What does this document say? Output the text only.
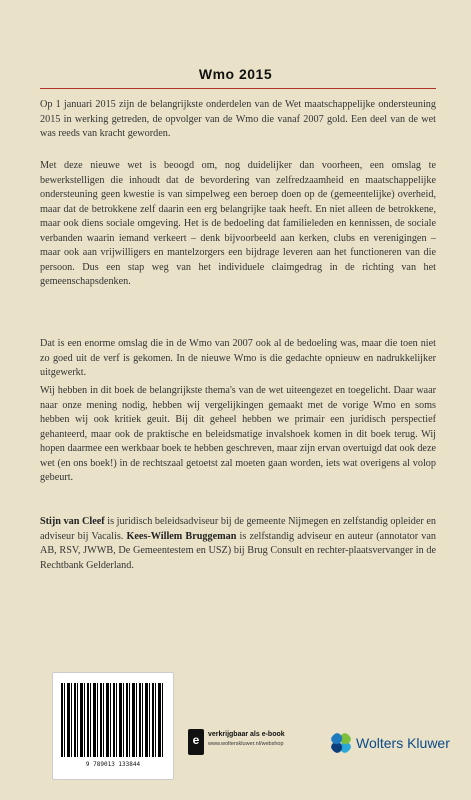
Wmo 2015
Op 1 januari 2015 zijn de belangrijkste onderdelen van de Wet maatschappelijke ondersteuning 2015 in werking getreden, de opvolger van de Wmo die vanaf 2007 gold. Een deel van de wet was reeds van kracht geworden.
Met deze nieuwe wet is beoogd om, nog duidelijker dan voorheen, een omslag te bewerkstelligen die inhoudt dat de bevordering van zelfredzaamheid en maatschappelijke ondersteuning geen kwestie is van simpelweg een beroep doen op de (gemeentelijke) overheid, maar dat de betrokkene zelf daarin een erg belangrijke taak heeft. En niet alleen de betrokkene, maar ook diens sociale omgeving. Het is de bedoeling dat familieleden en kennissen, de sociale verbanden waarin iemand verkeert – denk bijvoorbeeld aan kerken, clubs en verenigingen – maar ook aan vrijwilligers en mantelzorgers een bijdrage leveren aan het functioneren van die persoon. Dus een stap weg van het individuele claimgedrag in de richting van het gemeenschapsdenken.
Dat is een enorme omslag die in de Wmo van 2007 ook al de bedoeling was, maar die toen niet zo goed uit de verf is gekomen. In de nieuwe Wmo is die gedachte opnieuw en nadrukkelijker uitgewerkt.
Wij hebben in dit boek de belangrijkste thema's van de wet uiteengezet en toegelicht. Daar waar naar onze mening nodig, hebben wij vergelijkingen gemaakt met de vorige Wmo en soms hebben wij ook kritiek geuit. Bij dit geheel hebben we primair een juridisch perspectief gehanteerd, maar ook de praktische en beleidsmatige invalshoek komen in dit boek terug. Wij hopen daarmee een werkbaar boek te hebben geschreven, maar zijn ervan overtuigd dat ook deze wet (en ons boek!) in de rechtszaal getoetst zal moeten gaan worden, iets wat overigens al volop gebeurt.
Stijn van Cleef is juridisch beleidsadviseur bij de gemeente Nijmegen en zelfstandig opleider en adviseur bij Vacalis. Kees-Willem Bruggeman is zelfstandig adviseur en auteur (annotator van AB, RSV, JWWB, De Gemeentestem en USZ) bij Brug Consult en rechter-plaatsvervanger in de Rechtbank Gelderland.
9 789013 133844
e	verkrijgbaar als e-book
www.wolterskluwer.nl/webshop	Wolters Kluwer
